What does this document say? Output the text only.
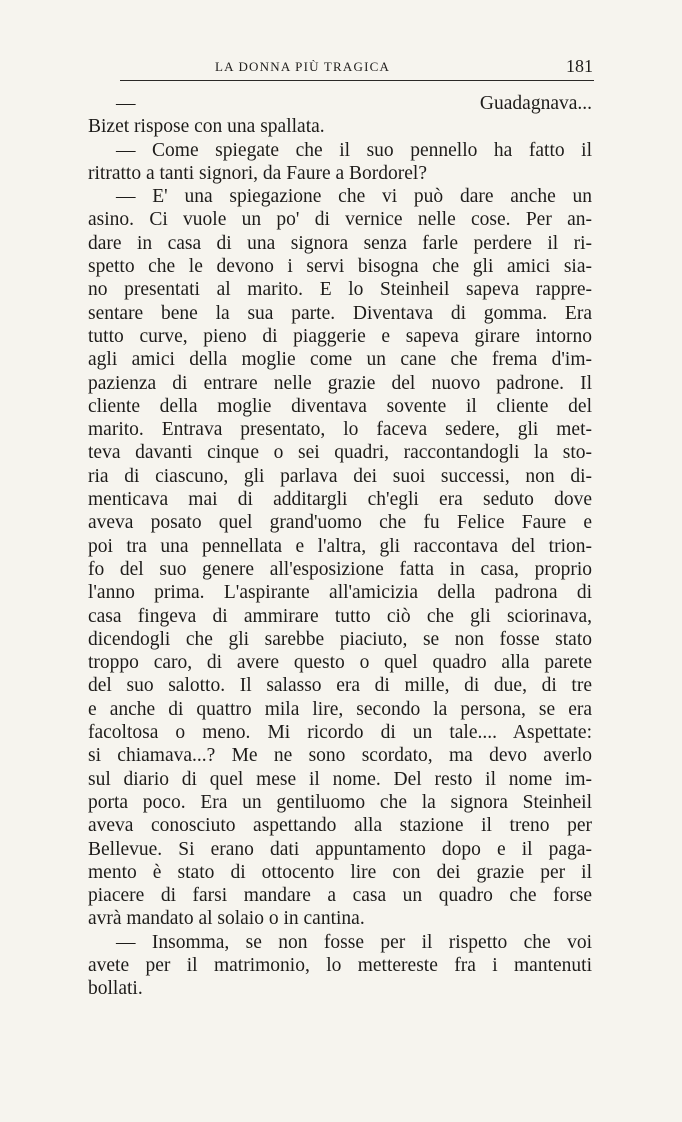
LA DONNA PIÙ TRAGICA	181
— Guadagnava...
Bizet rispose con una spallata.
— Come spiegate che il suo pennello ha fatto il
ritratto a tanti signori, da Faure a Bordorel?
— E' una spiegazione che vi può dare anche un
asino. Ci vuole un po' di vernice nelle cose. Per an-
dare in casa di una signora senza farle perdere il ri-
spetto che le devono i servi bisogna che gli amici sia-
no presentati al marito. E lo Steinheil sapeva rappre-
sentare bene la sua parte. Diventava di gomma. Era
tutto curve, pieno di piaggerie e sapeva girare intorno
agli amici della moglie come un cane che frema d'im-
pazienza di entrare nelle grazie del nuovo padrone. Il
cliente della moglie diventava sovente il cliente del
marito. Entrava presentato, lo faceva sedere, gli met-
teva davanti cinque o sei quadri, raccontandogli la sto-
ria di ciascuno, gli parlava dei suoi successi, non di-
menticava mai di additargli ch'egli era seduto dove
aveva posato quel grand'uomo che fu Felice Faure e
poi tra una pennellata e l'altra, gli raccontava del trion-
fo del suo genere all'esposizione fatta in casa, proprio
l'anno prima. L'aspirante all'amicizia della padrona di
casa fingeva di ammirare tutto ciò che gli sciorinava,
dicendogli che gli sarebbe piaciuto, se non fosse stato
troppo caro, di avere questo o quel quadro alla parete
del suo salotto. Il salasso era di mille, di due, di tre
e anche di quattro mila lire, secondo la persona, se era
facoltosa o meno. Mi ricordo di un tale.... Aspettate:
si chiamava...? Me ne sono scordato, ma devo averlo
sul diario di quel mese il nome. Del resto il nome im-
porta poco. Era un gentiluomo che la signora Steinheil
aveva conosciuto aspettando alla stazione il treno per
Bellevue. Si erano dati appuntamento dopo e il paga-
mento è stato di ottocento lire con dei grazie per il
piacere di farsi mandare a casa un quadro che forse
avrà mandato al solaio o in cantina.
— Insomma, se non fosse per il rispetto che voi
avete per il matrimonio, lo mettereste fra i mantenuti
bollati.
